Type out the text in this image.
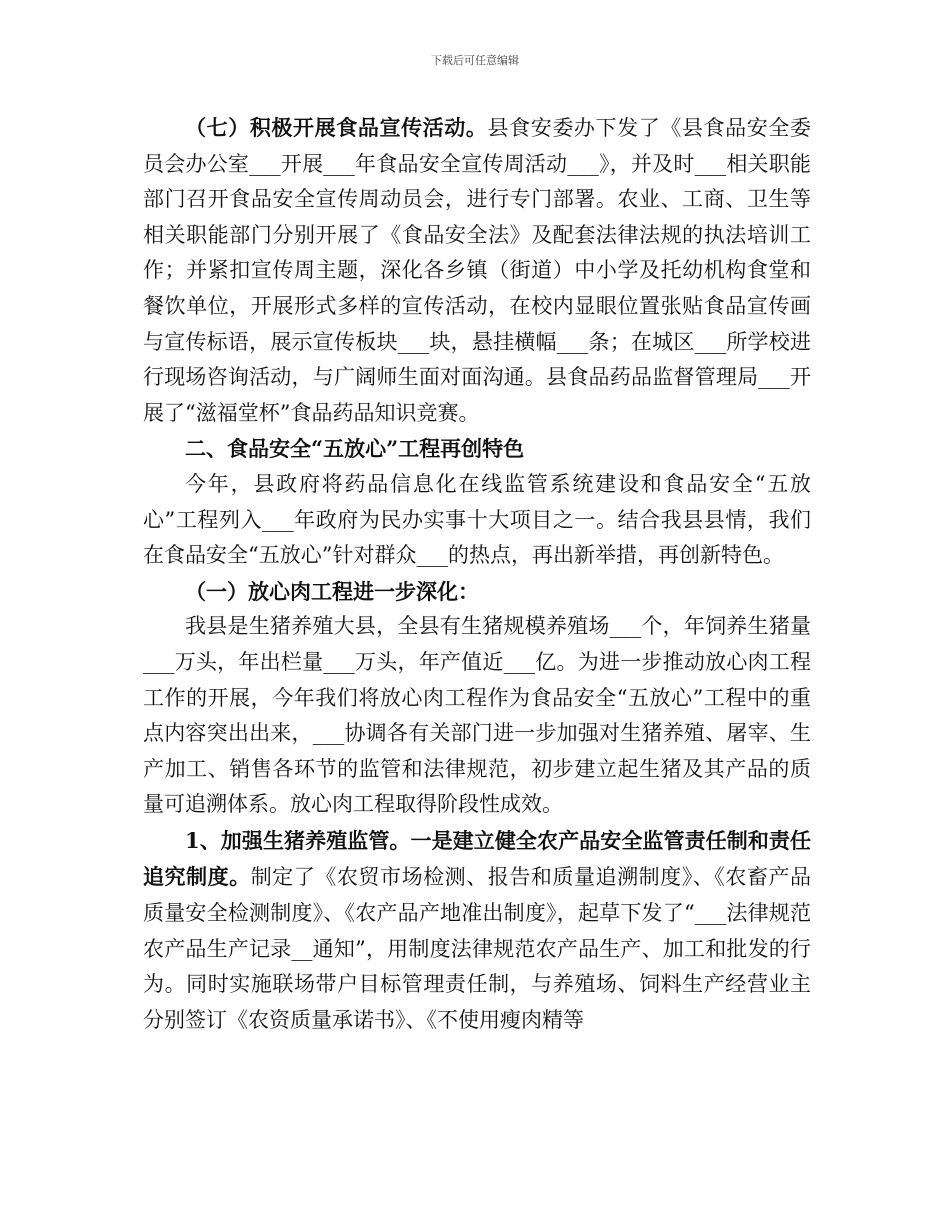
下载后可任意编辑

（七）积极开展食品宣传活动。县食安委办下发了《县食品安全委员会办公室___开展___年食品安全宣传周活动___》，并及时___相关职能部门召开食品安全宣传周动员会，进行专门部署。农业、工商、卫生等相关职能部门分别开展了《食品安全法》及配套法律法规的执法培训工作；并紧扣宣传周主题，深化各乡镇（街道）中小学及托幼机构食堂和餐饮单位，开展形式多样的宣传活动，在校内显眼位置张贴食品宣传画与宣传标语，展示宣传板块___块，悬挂横幅___条；在城区___所学校进行现场咨询活动，与广阔师生面对面沟通。县食品药品监督管理局___开展了“滋福堂杯”食品药品知识竞赛。

二、食品安全“五放心”工程再创特色

今年，县政府将药品信息化在线监管系统建设和食品安全“五放心”工程列入___年政府为民办实事十大项目之一。结合我县县情，我们在食品安全“五放心”针对群众___的热点，再出新举措，再创新特色。

（一）放心肉工程进一步深化：

我县是生猪养殖大县，全县有生猪规模养殖场___个，年饲养生猪量___万头，年出栏量___万头，年产值近___亿。为进一步推动放心肉工程工作的开展，今年我们将放心肉工程作为食品安全“五放心”工程中的重点内容突出出来，___协调各有关部门进一步加强对生猪养殖、屠宰、生产加工、销售各环节的监管和法律规范，初步建立起生猪及其产品的质量可追溯体系。放心肉工程取得阶段性成效。

1、加强生猪养殖监管。一是建立健全农产品安全监管责任制和责任追究制度。制定了《农贸市场检测、报告和质量追溯制度》、《农畜产品质量安全检测制度》、《农产品产地准出制度》，起草下发了“___法律规范农产品生产记录__通知”，用制度法律规范农产品生产、加工和批发的行为。同时实施联场带户目标管理责任制，与养殖场、饲料生产经营业主分别签订《农资质量承诺书》、《不使用瘦肉精等
